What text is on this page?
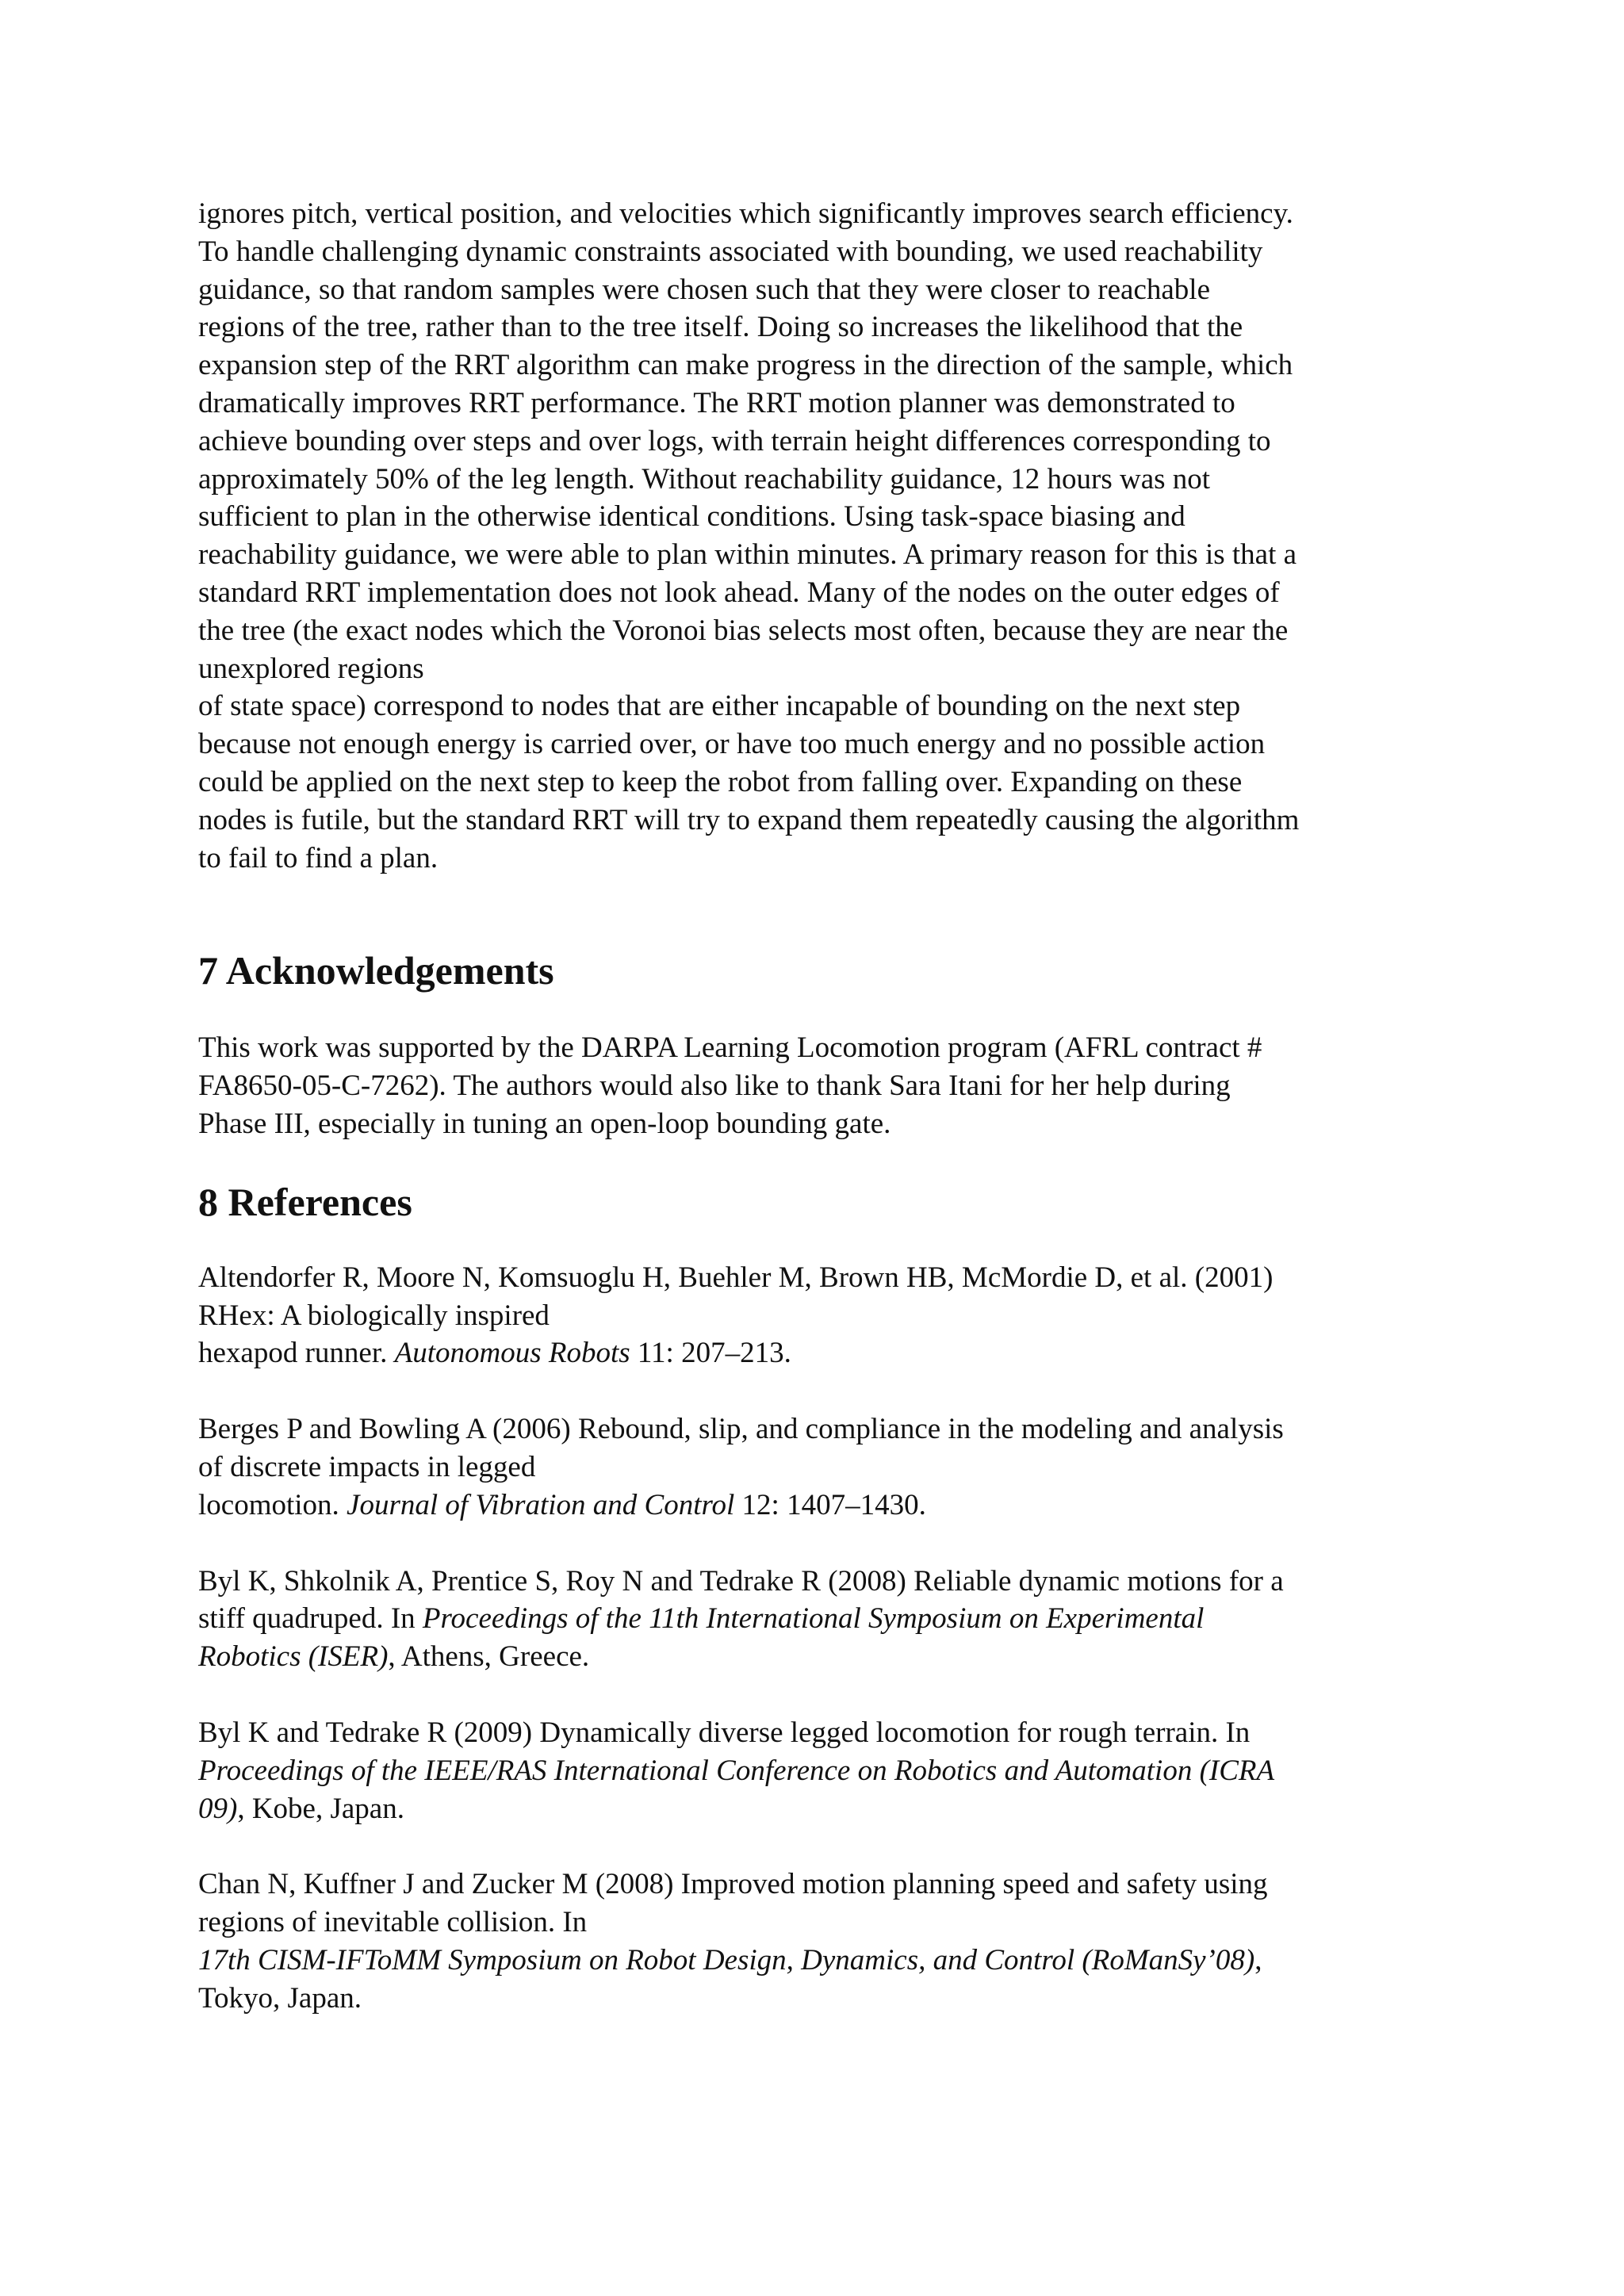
ignores pitch, vertical position, and velocities which significantly improves search efficiency.
To handle challenging dynamic constraints associated with bounding, we used reachability
guidance, so that random samples were chosen such that they were closer to reachable
regions of the tree, rather than to the tree itself. Doing so increases the likelihood that the
expansion step of the RRT algorithm can make progress in the direction of the sample, which
dramatically improves RRT performance. The RRT motion planner was demonstrated to
achieve bounding over steps and over logs, with terrain height differences corresponding to
approximately 50% of the leg length. Without reachability guidance, 12 hours was not
sufficient to plan in the otherwise identical conditions. Using task-space biasing and
reachability guidance, we were able to plan within minutes. A primary reason for this is that a
standard RRT implementation does not look ahead. Many of the nodes on the outer edges of
the tree (the exact nodes which the Voronoi bias selects most often, because they are near the
unexplored regions
of state space) correspond to nodes that are either incapable of bounding on the next step
because not enough energy is carried over, or have too much energy and no possible action
could be applied on the next step to keep the robot from falling over. Expanding on these
nodes is futile, but the standard RRT will try to expand them repeatedly causing the algorithm
to fail to find a plan.

7 Acknowledgements

This work was supported by the DARPA Learning Locomotion program (AFRL contract #
FA8650-05-C-7262). The authors would also like to thank Sara Itani for her help during
Phase III, especially in tuning an open-loop bounding gate.

8 References

Altendorfer R, Moore N, Komsuoglu H, Buehler M, Brown HB, McMordie D, et al. (2001)
RHex: A biologically inspired
hexapod runner. Autonomous Robots 11: 207–213.

Berges P and Bowling A (2006) Rebound, slip, and compliance in the modeling and analysis
of discrete impacts in legged
locomotion. Journal of Vibration and Control 12: 1407–1430.

Byl K, Shkolnik A, Prentice S, Roy N and Tedrake R (2008) Reliable dynamic motions for a
stiff quadruped. In Proceedings of the 11th International Symposium on Experimental
Robotics (ISER), Athens, Greece.

Byl K and Tedrake R (2009) Dynamically diverse legged locomotion for rough terrain. In
Proceedings of the IEEE/RAS International Conference on Robotics and Automation (ICRA
09), Kobe, Japan.

Chan N, Kuffner J and Zucker M (2008) Improved motion planning speed and safety using
regions of inevitable collision. In
17th CISM-IFToMM Symposium on Robot Design, Dynamics, and Control (RoManSy’08),
Tokyo, Japan.
